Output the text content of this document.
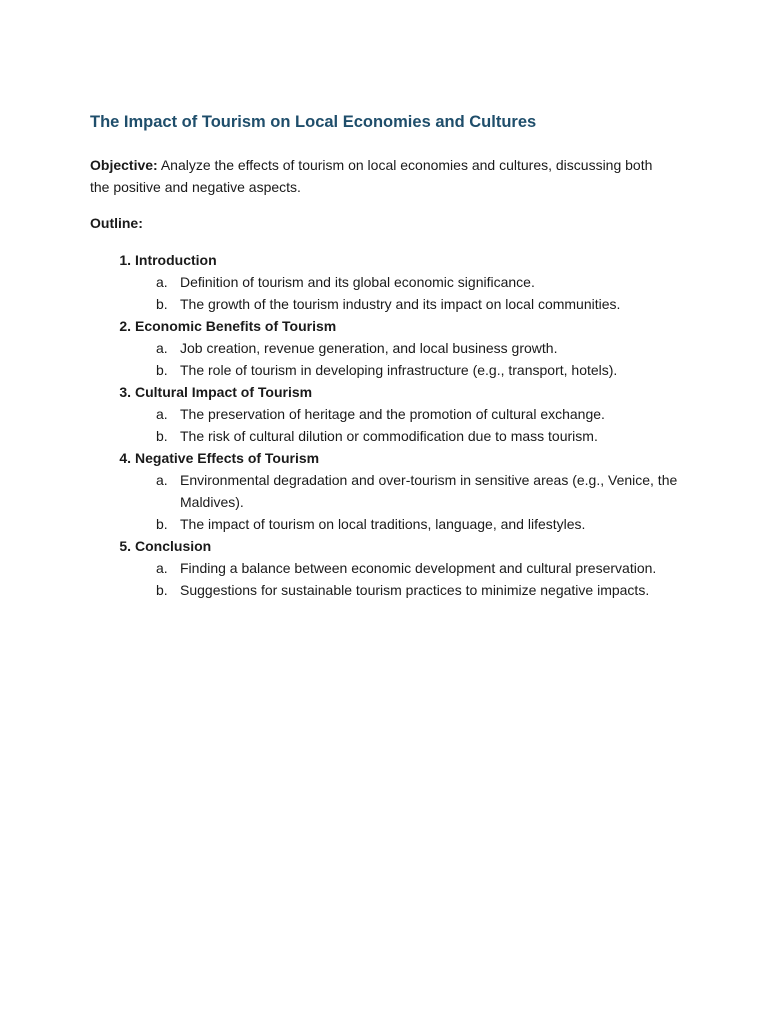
The Impact of Tourism on Local Economies and Cultures

Objective: Analyze the effects of tourism on local economies and cultures, discussing both the positive and negative aspects.

Outline:
1. Introduction
a. Definition of tourism and its global economic significance.
b. The growth of the tourism industry and its impact on local communities.
2. Economic Benefits of Tourism
a. Job creation, revenue generation, and local business growth.
b. The role of tourism in developing infrastructure (e.g., transport, hotels).
3. Cultural Impact of Tourism
a. The preservation of heritage and the promotion of cultural exchange.
b. The risk of cultural dilution or commodification due to mass tourism.
4. Negative Effects of Tourism
a. Environmental degradation and over-tourism in sensitive areas (e.g., Venice, the Maldives).
b. The impact of tourism on local traditions, language, and lifestyles.
5. Conclusion
a. Finding a balance between economic development and cultural preservation.
b. Suggestions for sustainable tourism practices to minimize negative impacts.
